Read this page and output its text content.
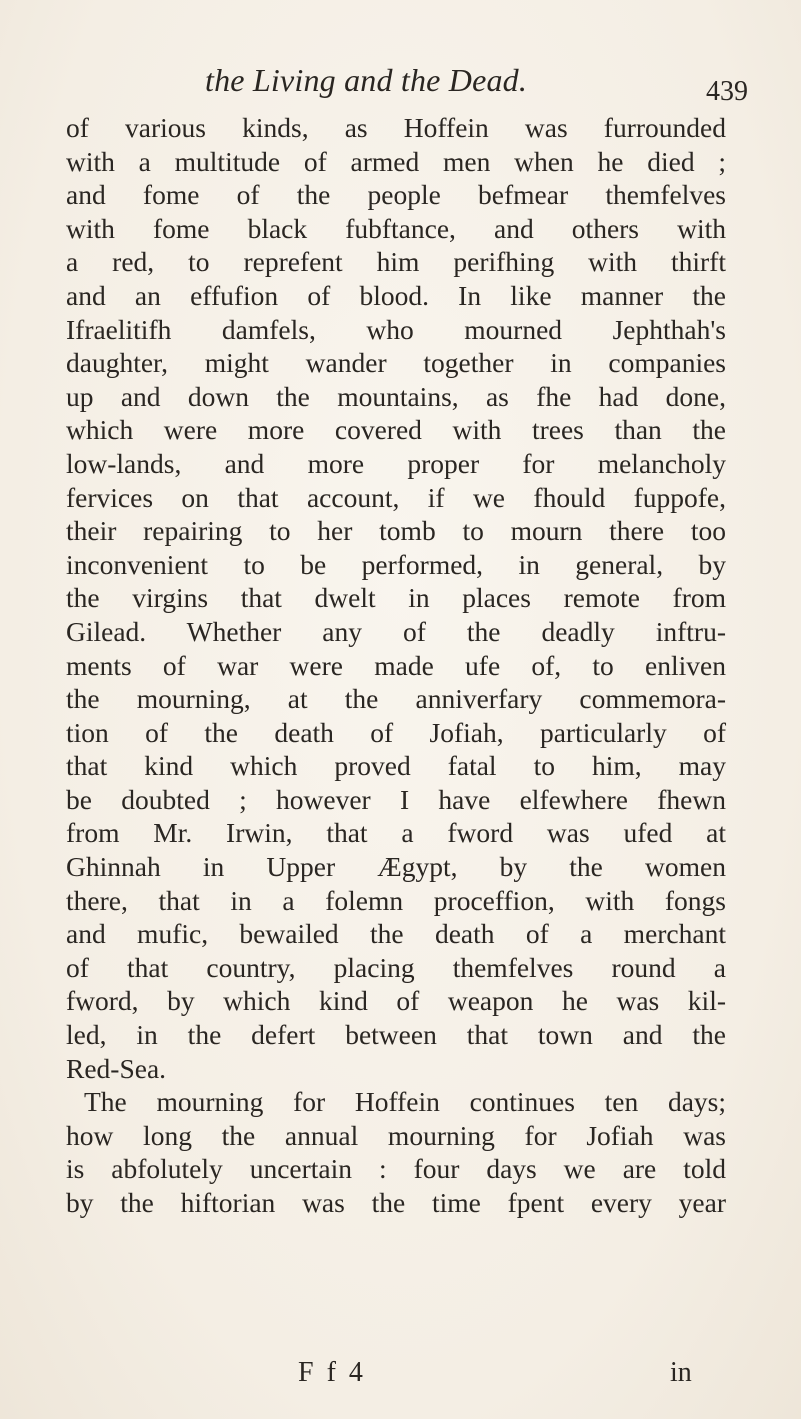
the Living and the Dead.	439
of various kinds, as Hoffein was furrounded
with a multitude of armed men when he died ;
and fome of the people befmear themfelves
with fome black fubftance, and others with
a red, to reprefent him perifhing with thirft
and an effufion of blood. In like manner the
Ifraelitifh damfels, who mourned Jephthah's
daughter, might wander together in companies
up and down the mountains, as fhe had done,
which were more covered with trees than the
low-lands, and more proper for melancholy
fervices on that account, if we fhould fuppofe,
their repairing to her tomb to mourn there too
inconvenient to be performed, in general, by
the virgins that dwelt in places remote from
Gilead. Whether any of the deadly inftru-
ments of war were made ufe of, to enliven
the mourning, at the anniverfary commemora-
tion of the death of Jofiah, particularly of
that kind which proved fatal to him, may
be doubted ; however I have elfewhere fhewn
from Mr. Irwin, that a fword was ufed at
Ghinnah in Upper Ægypt, by the women
there, that in a folemn proceffion, with fongs
and mufic, bewailed the death of a merchant
of that country, placing themfelves round a
fword, by which kind of weapon he was kil-
led, in the defert between that town and the
Red-Sea.
The mourning for Hoffein continues ten days;
how long the annual mourning for Jofiah was
is abfolutely uncertain : four days we are told
by the hiftorian was the time fpent every year
F f 4	in
